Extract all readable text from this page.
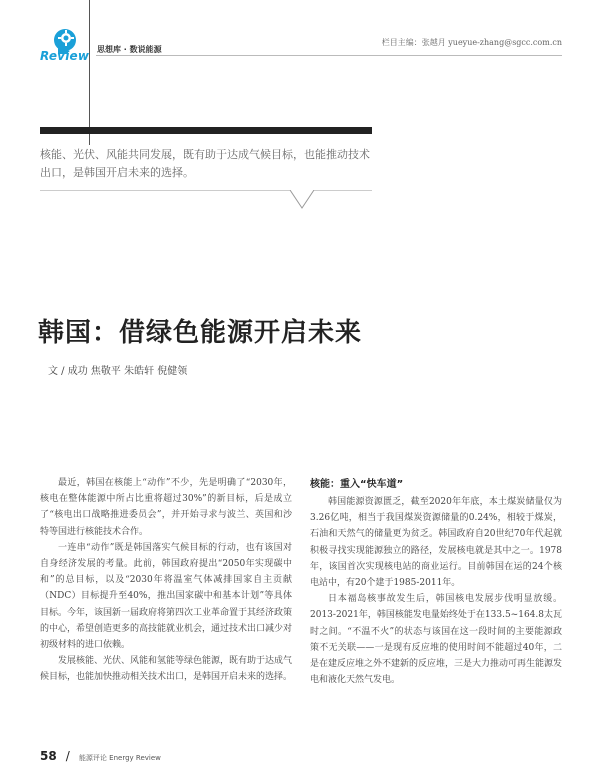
Review 思想库 · 数说能源
栏目主编：张越月 yueyue-zhang@sgcc.com.cn
核能、光伏、风能共同发展，既有助于达成气候目标，也能推动技术出口，是韩国开启未来的选择。
韩国：借绿色能源开启未来
文 / 成功 焦敬平 朱皓轩 倪健领

最近，韩国在核能上“动作”不少，先是明确了“2030年，核电在整体能源中所占比重将超过30%”的新目标，后是成立了“核电出口战略推进委员会”，并开始寻求与波兰、英国和沙特等国进行核能技术合作。

一连串“动作”既是韩国落实气候目标的行动，也有该国对自身经济发展的考量。此前，韩国政府提出“2050年实现碳中和”的总目标，以及“2030年将温室气体减排国家自主贡献（NDC）目标提升至40%，推出国家碳中和基本计划”等具体目标。今年，该国新一届政府将第四次工业革命置于其经济政策的中心，希望创造更多的高技能就业机会，通过技术出口减少对初级材料的进口依赖。

发展核能、光伏、风能和氢能等绿色能源，既有助于达成气候目标，也能加快推动相关技术出口，是韩国开启未来的选择。

核能：重入“快车道”

韩国能源资源匮乏，截至2020年年底，本土煤炭储量仅为3.26亿吨，相当于我国煤炭资源储量的0.24%，相较于煤炭，石油和天然气的储量更为贫乏。韩国政府自20世纪70年代起就积极寻找实现能源独立的路径，发展核电就是其中之一。1978年，该国首次实现核电站的商业运行。目前韩国在运的24个核电站中，有20个建于1985-2011年。

日本福岛核事故发生后，韩国核电发展步伐明显放缓。2013-2021年，韩国核能发电量始终处于在133.5~164.8太瓦时之间。“不温不火”的状态与该国在这一段时间的主要能源政策不无关联——一是现有反应堆的使用时间不能超过40年，二是在建反应堆之外不建新的反应堆，三是大力推动可再生能源发电和液化天然气发电。

58 / 能源评论 Energy Review
